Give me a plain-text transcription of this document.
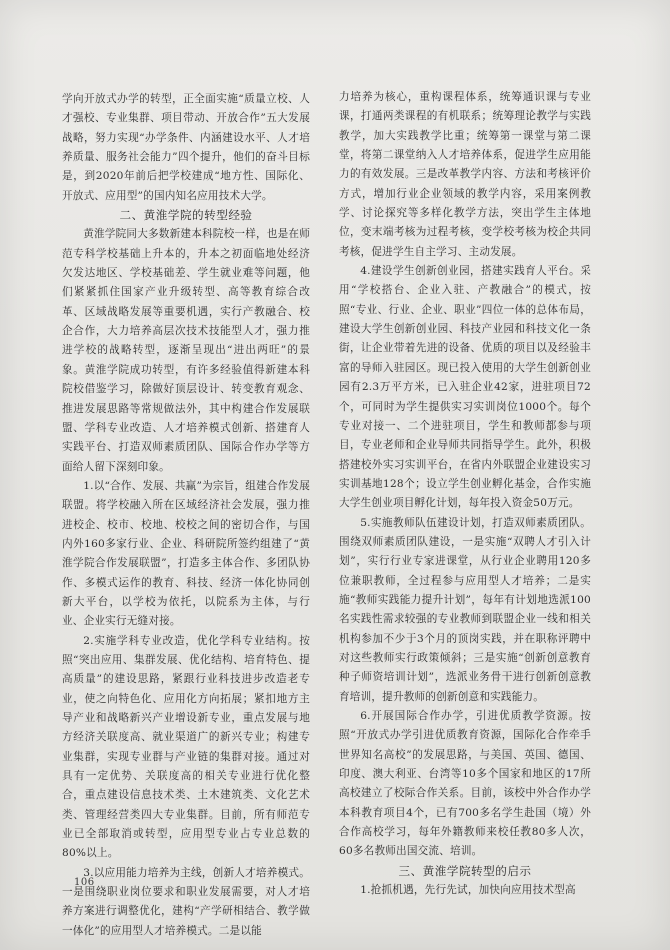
学向开放式办学的转型，正全面实施“质量立校、人才强校、专业集群、项目带动、开放合作”五大发展战略，努力实现“办学条件、内涵建设水平、人才培养质量、服务社会能力”四个提升，他们的奋斗目标是，到2020年前后把学校建成“地方性、国际化、开放式、应用型”的国内知名应用技术大学。

二、黄淮学院的转型经验

黄淮学院同大多数新建本科院校一样，也是在师范专科学校基础上升本的，升本之初面临地处经济欠发达地区、学校基础差、学生就业难等问题，他们紧紧抓住国家产业升级转型、高等教育综合改革、区域战略发展等重要机遇，实行产教融合、校企合作，大力培养高层次技术技能型人才，强力推进学校的战略转型，逐渐呈现出“进出两旺”的景象。黄淮学院成功转型，有许多经验值得新建本科院校借鉴学习，除做好顶层设计、转变教育观念、推进发展思路等常规做法外，其中构建合作发展联盟、学科专业改造、人才培养模式创新、搭建育人实践平台、打造双师素质团队、国际合作办学等方面给人留下深刻印象。

1.以“合作、发展、共赢”为宗旨，组建合作发展联盟。将学校融入所在区域经济社会发展，强力推进校企、校市、校地、校校之间的密切合作，与国内外160多家行业、企业、科研院所签约组建了“黄淮学院合作发展联盟”，打造多主体合作、多团队协作、多模式运作的教育、科技、经济一体化协同创新大平台，以学校为依托，以院系为主体，与行业、企业实行无缝对接。

2.实施学科专业改造，优化学科专业结构。按照“突出应用、集群发展、优化结构、培育特色、提高质量”的建设思路，紧跟行业科技进步改造老专业，使之向特色化、应用化方向拓展；紧扣地方主导产业和战略新兴产业增设新专业，重点发展与地方经济关联度高、就业渠道广的新兴专业；构建专业集群，实现专业群与产业链的集群对接。通过对具有一定优势、关联度高的相关专业进行优化整合，重点建设信息技术类、土木建筑类、文化艺术类、管理经营类四大专业集群。目前，所有师范专业已全部取消或转型，应用型专业占专业总数的80%以上。

3.以应用能力培养为主线，创新人才培养模式。一是围绕职业岗位要求和职业发展需要，对人才培养方案进行调整优化，建构“产学研相结合、教学做一体化”的应用型人才培养模式。二是以能

力培养为核心，重构课程体系，统筹通识课与专业课，打通两类课程的有机联系；统筹理论教学与实践教学，加大实践教学比重；统筹第一课堂与第二课堂，将第二课堂纳入人才培养体系，促进学生应用能力的有效发展。三是改革教学内容、方法和考核评价方式，增加行业企业领域的教学内容，采用案例教学、讨论探究等多样化教学方法，突出学生主体地位，变末端考核为过程考核，变学校考核为校企共同考核，促进学生自主学习、主动发展。

4.建设学生创新创业园，搭建实践育人平台。采用“学校搭台、企业入驻、产教融合”的模式，按照“专业、行业、企业、职业”四位一体的总体布局，建设大学生创新创业园、科技产业园和科技文化一条街，让企业带着先进的设备、优质的项目以及经验丰富的导师入驻园区。现已投入使用的大学生创新创业园有2.3万平方米，已入驻企业42家，进驻项目72个，可同时为学生提供实习实训岗位1000个。每个专业对接一、二个进驻项目，学生和教师都参与项目，专业老师和企业导师共同指导学生。此外，积极搭建校外实习实训平台，在省内外联盟企业建设实习实训基地128个；设立学生创业孵化基金，合作实施大学生创业项目孵化计划，每年投入资金50万元。

5.实施教师队伍建设计划，打造双师素质团队。围绕双师素质团队建设，一是实施“双聘人才引入计划”，实行行业专家进课堂，从行业企业聘用120多位兼职教师，全过程参与应用型人才培养；二是实施“教师实践能力提升计划”，每年有计划地选派100名实践性需求较强的专业教师到联盟企业一线和相关机构参加不少于3个月的顶岗实践，并在职称评聘中对这些教师实行政策倾斜；三是实施“创新创意教育种子师资培训计划”，选派业务骨干进行创新创意教育培训，提升教师的创新创意和实践能力。

6.开展国际合作办学，引进优质教学资源。按照“开放式办学引进优质教育资源，国际化合作牵手世界知名高校”的发展思路，与美国、英国、德国、印度、澳大利亚、台湾等10多个国家和地区的17所高校建立了校际合作关系。目前，该校中外合作办学本科教育项目4个，已有700多名学生赴国（境）外合作高校学习，每年外籍教师来校任教80多人次，60多名教师出国交流、培训。

三、黄淮学院转型的启示

1.抢抓机遇，先行先试，加快向应用技术型高

106
